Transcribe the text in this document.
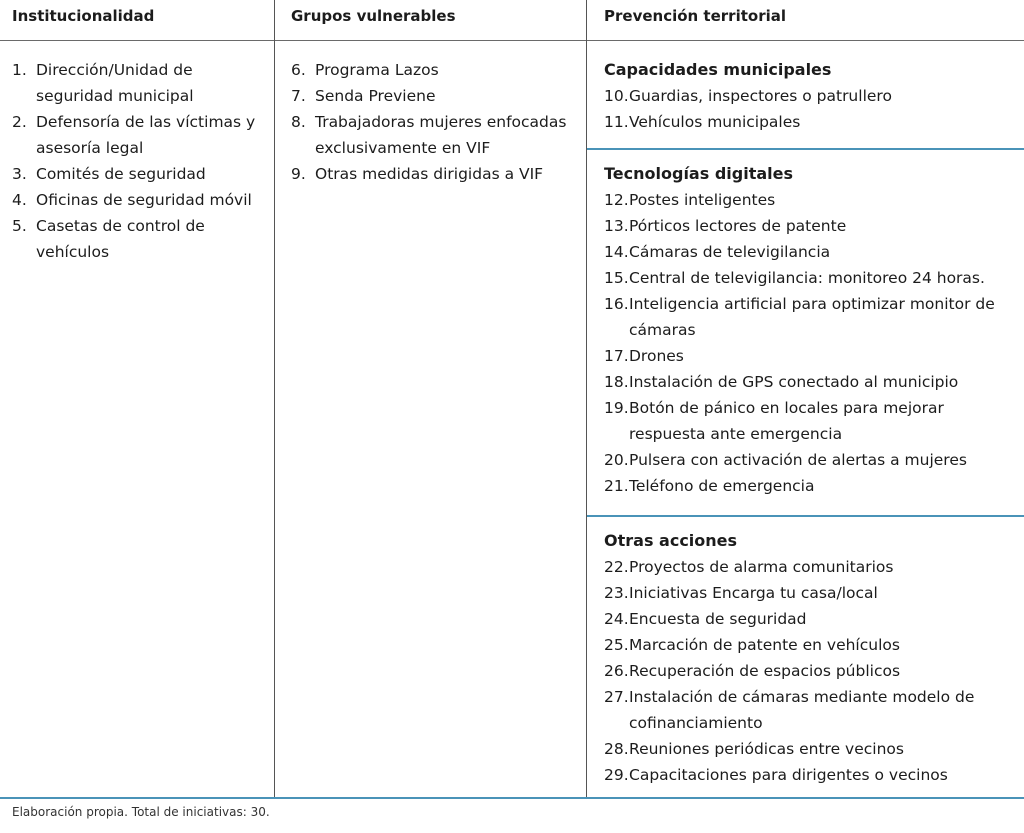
Institucionalidad	Grupos vulnerables	Prevención territorial
1. Dirección/Unidad de seguridad municipal
2. Defensoría de las víctimas y asesoría legal
3. Comités de seguridad
4. Oficinas de seguridad móvil
5. Casetas de control de vehículos
6. Programa Lazos
7. Senda Previene
8. Trabajadoras mujeres enfocadas exclusivamente en VIF
9. Otras medidas dirigidas a VIF
Capacidades municipales
10. Guardias, inspectores o patrullero
11. Vehículos municipales
Tecnologías digitales
12. Postes inteligentes
13. Pórticos lectores de patente
14. Cámaras de televigilancia
15. Central de televigilancia: monitoreo 24 horas.
16. Inteligencia artificial para optimizar monitor de cámaras
17. Drones
18. Instalación de GPS conectado al municipio
19. Botón de pánico en locales para mejorar respuesta ante emergencia
20. Pulsera con activación de alertas a mujeres
21. Teléfono de emergencia
Otras acciones
22. Proyectos de alarma comunitarios
23. Iniciativas Encarga tu casa/local
24. Encuesta de seguridad
25. Marcación de patente en vehículos
26. Recuperación de espacios públicos
27. Instalación de cámaras mediante modelo de cofinanciamiento
28. Reuniones periódicas entre vecinos
29. Capacitaciones para dirigentes o vecinos
Elaboración propia. Total de iniciativas: 30.
